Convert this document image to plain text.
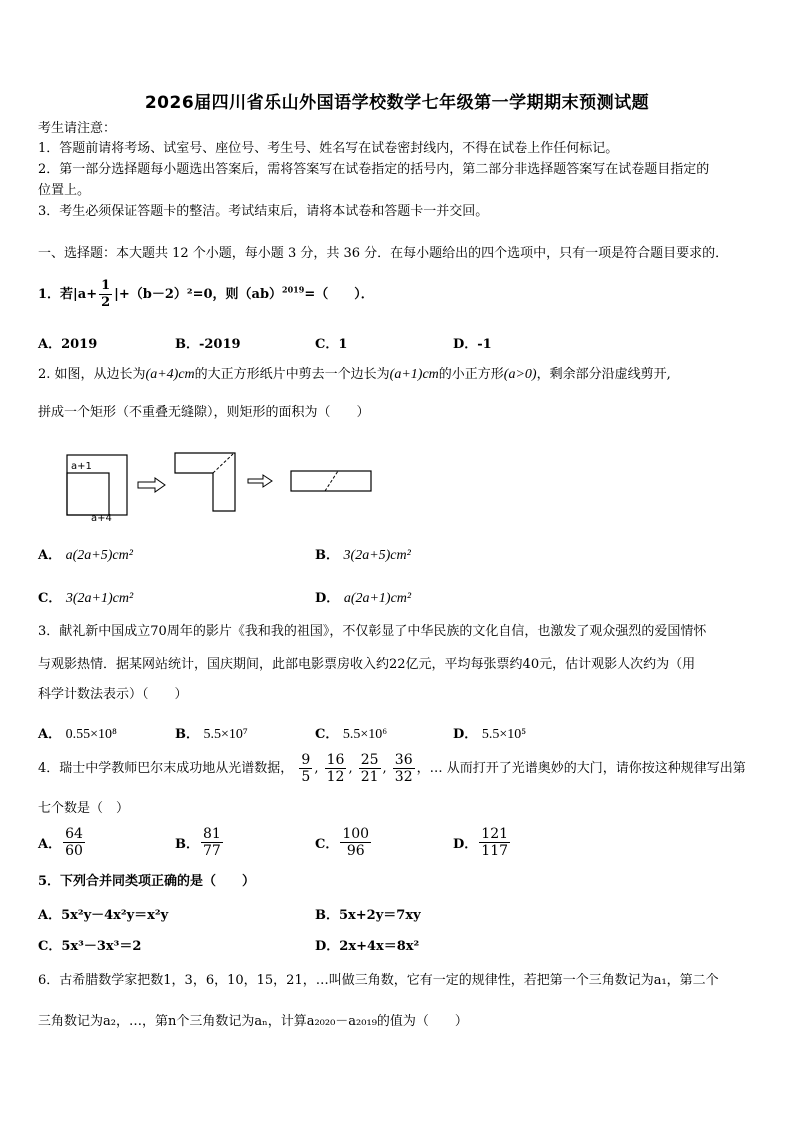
2026届四川省乐山外国语学校数学七年级第一学期期末预测试题
考生请注意：
1．答题前请将考场、试室号、座位号、考生号、姓名写在试卷密封线内，不得在试卷上作任何标记。
2．第一部分选择题每小题选出答案后，需将答案写在试卷指定的括号内，第二部分非选择题答案写在试卷题目指定的
位置上。
3．考生必须保证答题卡的整洁。考试结束后，请将本试卷和答题卡一并交回。
一、选择题：本大题共 12 个小题，每小题 3 分，共 36 分．在每小题给出的四个选项中，只有一项是符合题目要求的．
1．若$|a+ \frac{1}{2} |+(b-2)^2=0$，则（ab）$^{2019}$=（　　）．
A．2019	B．-2019	C．1	D．-1
2. 如图，从边长为(a+4)cm的大正方形纸片中剪去一个边长为(a+1)cm的小正方形(a>0)，剩余部分沿虚线剪开,
拼成一个矩形（不重叠无缝隙），则矩形的面积为（　　）
a+1
a+4
A． a(2a+5)cm²	B． 3(2a+5)cm²
C． 3(2a+1)cm²	D． a(2a+1)cm²
3．献礼新中国成立70周年的影片《我和我的祖国》，不仅彰显了中华民族的文化自信，也激发了观众强烈的爱国情怀
与观影热情．据某网站统计，国庆期间，此部电影票房收入约22亿元，平均每张票约40元，估计观影人次约为（用
科学计数法表示）（　　）
A． 0.55×10⁸	B． 5.5×10⁷	C． 5.5×10⁶	D． 5.5×10⁵
4．瑞士中学教师巴尔末成功地从光谱数据， $\frac{9}{5}$ , $\frac{16}{12}$ , $\frac{25}{21}$ , $\frac{36}{32}$ ，… 从而打开了光谱奥妙的大门，请你按这种规律写出第
七个数是（　）
A． $\frac{64}{60}$	B． $\frac{81}{77}$	C． $\frac{100}{96}$	D． $\frac{121}{117}$
5．下列合并同类项正确的是（　　）
A．5x²y－4x²y＝x²y	B．5x+2y＝7xy
C．5x³－3x³＝2	D．2x+4x＝8x²
6．古希腊数学家把数1，3，6，10，15，21，…叫做三角数，它有一定的规律性，若把第一个三角数记为a₁，第二个
三角数记为a₂，…，第n个三角数记为aₙ，计算a₂₀₂₀－a₂₀₁₉的值为（　　）
